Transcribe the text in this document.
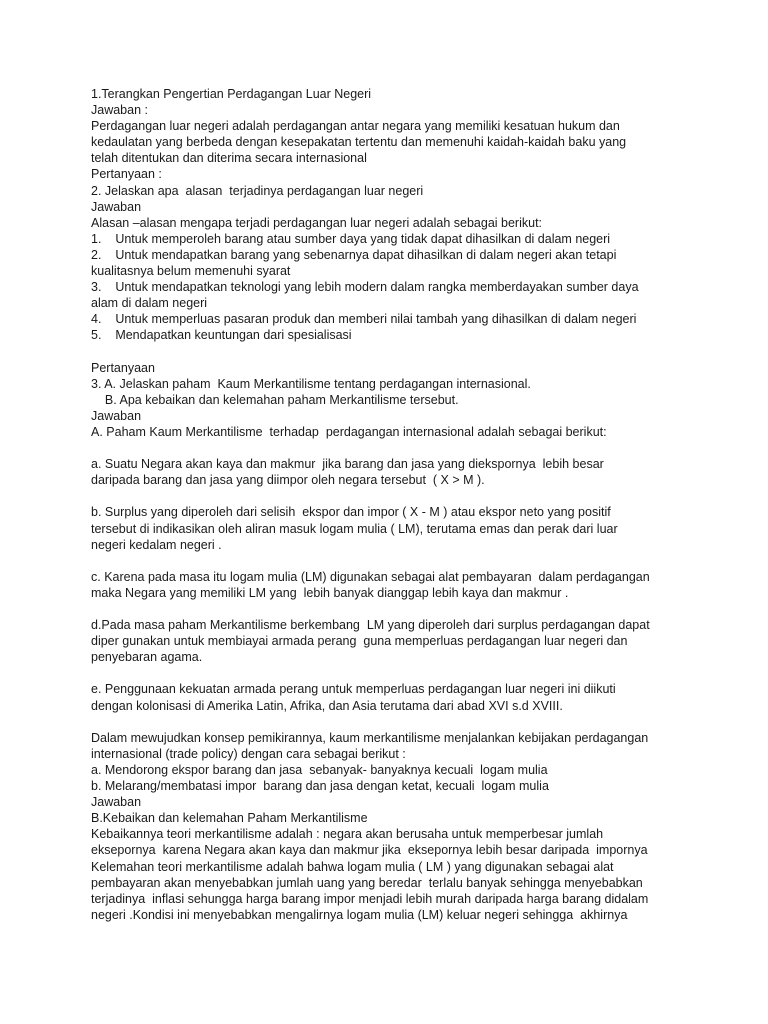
1.Terangkan Pengertian Perdagangan Luar Negeri
Jawaban :
Perdagangan luar negeri adalah perdagangan antar negara yang memiliki kesatuan hukum dan
kedaulatan yang berbeda dengan kesepakatan tertentu dan memenuhi kaidah-kaidah baku yang
telah ditentukan dan diterima secara internasional
Pertanyaan :
2. Jelaskan apa  alasan  terjadinya perdagangan luar negeri
Jawaban
Alasan –alasan mengapa terjadi perdagangan luar negeri adalah sebagai berikut:
1.    Untuk memperoleh barang atau sumber daya yang tidak dapat dihasilkan di dalam negeri
2.    Untuk mendapatkan barang yang sebenarnya dapat dihasilkan di dalam negeri akan tetapi
kualitasnya belum memenuhi syarat
3.    Untuk mendapatkan teknologi yang lebih modern dalam rangka memberdayakan sumber daya
alam di dalam negeri
4.    Untuk memperluas pasaran produk dan memberi nilai tambah yang dihasilkan di dalam negeri
5.    Mendapatkan keuntungan dari spesialisasi
Pertanyaan
3. A. Jelaskan paham  Kaum Merkantilisme tentang perdagangan internasional.
B. Apa kebaikan dan kelemahan paham Merkantilisme tersebut.
Jawaban
A. Paham Kaum Merkantilisme  terhadap  perdagangan internasional adalah sebagai berikut:
a. Suatu Negara akan kaya dan makmur  jika barang dan jasa yang diekspornya  lebih besar
daripada barang dan jasa yang diimpor oleh negara tersebut  ( X > M ).
b. Surplus yang diperoleh dari selisih  ekspor dan impor ( X - M ) atau ekspor neto yang positif
tersebut di indikasikan oleh aliran masuk logam mulia ( LM), terutama emas dan perak dari luar
negeri kedalam negeri .
c. Karena pada masa itu logam mulia (LM) digunakan sebagai alat pembayaran  dalam perdagangan
maka Negara yang memiliki LM yang  lebih banyak dianggap lebih kaya dan makmur .
d.Pada masa paham Merkantilisme berkembang  LM yang diperoleh dari surplus perdagangan dapat
diper gunakan untuk membiayai armada perang  guna memperluas perdagangan luar negeri dan
penyebaran agama.
e. Penggunaan kekuatan armada perang untuk memperluas perdagangan luar negeri ini diikuti
dengan kolonisasi di Amerika Latin, Afrika, dan Asia terutama dari abad XVI s.d XVIII.
Dalam mewujudkan konsep pemikirannya, kaum merkantilisme menjalankan kebijakan perdagangan
internasional (trade policy) dengan cara sebagai berikut :
a. Mendorong ekspor barang dan jasa  sebanyak- banyaknya kecuali  logam mulia
b. Melarang/membatasi impor  barang dan jasa dengan ketat, kecuali  logam mulia
Jawaban
B.Kebaikan dan kelemahan Paham Merkantilisme
Kebaikannya teori merkantilisme adalah : negara akan berusaha untuk memperbesar jumlah
eksepornya  karena Negara akan kaya dan makmur jika  eksepornya lebih besar daripada  impornya
Kelemahan teori merkantilisme adalah bahwa logam mulia ( LM ) yang digunakan sebagai alat
pembayaran akan menyebabkan jumlah uang yang beredar  terlalu banyak sehingga menyebabkan
terjadinya  inflasi sehungga harga barang impor menjadi lebih murah daripada harga barang didalam
negeri .Kondisi ini menyebabkan mengalirnya logam mulia (LM) keluar negeri sehingga  akhirnya
